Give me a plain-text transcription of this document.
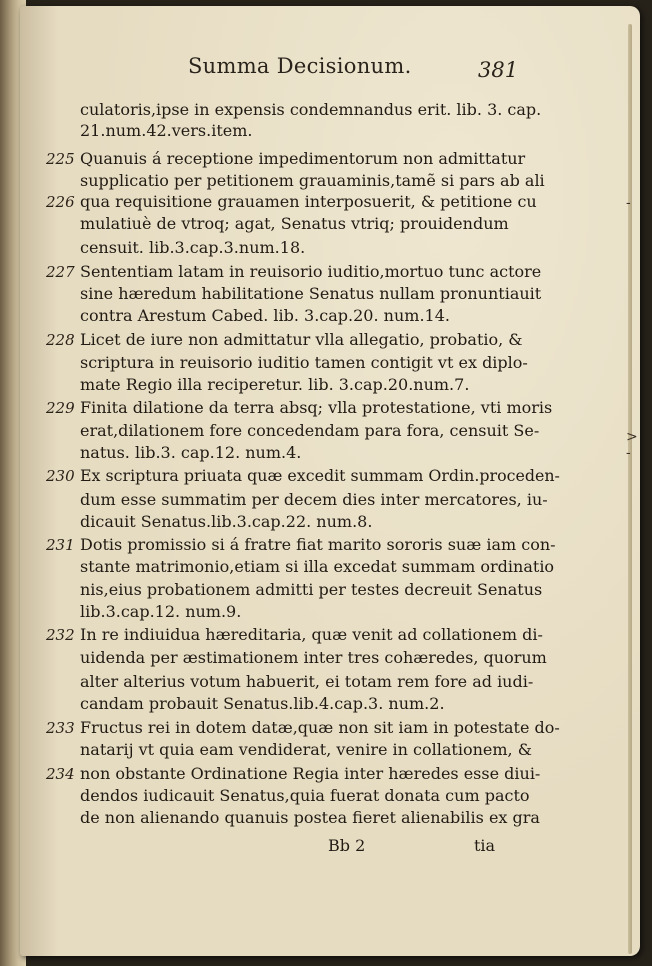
-
>
-
Summa Decisionum.	381
culatoris,ipse in expensis condemnandus erit. lib. 3. cap.
21.num.42.vers.item.
225 Quanuis á receptione impedimentorum non admittatur
supplicatio per petitionem grauaminis,tamẽ si pars ab ali
226 qua requisitione grauamen interposuerit, & petitione cu
mulatiuè de vtroq; agat, Senatus vtriq; prouidendum
censuit. lib.3.cap.3.num.18.
227 Sententiam latam in reuisorio iuditio,mortuo tunc actore
sine hæredum habilitatione Senatus nullam pronuntiauit
contra Arestum Cabed. lib. 3.cap.20. num.14.
228 Licet de iure non admittatur vlla allegatio, probatio, &
scriptura in reuisorio iuditio tamen contigit vt ex diplo-
mate Regio illa reciperetur. lib. 3.cap.20.num.7.
229 Finita dilatione da terra absq; vlla protestatione, vti moris
erat,dilationem fore concedendam para fora, censuit Se-
natus. lib.3. cap.12. num.4.
230 Ex scriptura priuata quæ excedit summam Ordin.proceden-
dum esse summatim per decem dies inter mercatores, iu-
dicauit Senatus.lib.3.cap.22. num.8.
231 Dotis promissio si á fratre fiat marito sororis suæ iam con-
stante matrimonio,etiam si illa excedat summam ordinatio
nis,eius probationem admitti per testes decreuit Senatus
lib.3.cap.12. num.9.
232 In re indiuidua hæreditaria, quæ venit ad collationem di-
uidenda per æstimationem inter tres cohæredes, quorum
alter alterius votum habuerit, ei totam rem fore ad iudi-
candam probauit Senatus.lib.4.cap.3. num.2.
233 Fructus rei in dotem datæ,quæ non sit iam in potestate do-
natarij vt quia eam vendiderat, venire in collationem, &
234 non obstante Ordinatione Regia inter hæredes esse diui-
dendos iudicauit Senatus,quia fuerat donata cum pacto
de non alienando quanuis postea fieret alienabilis ex gra
Bb 2	tia
